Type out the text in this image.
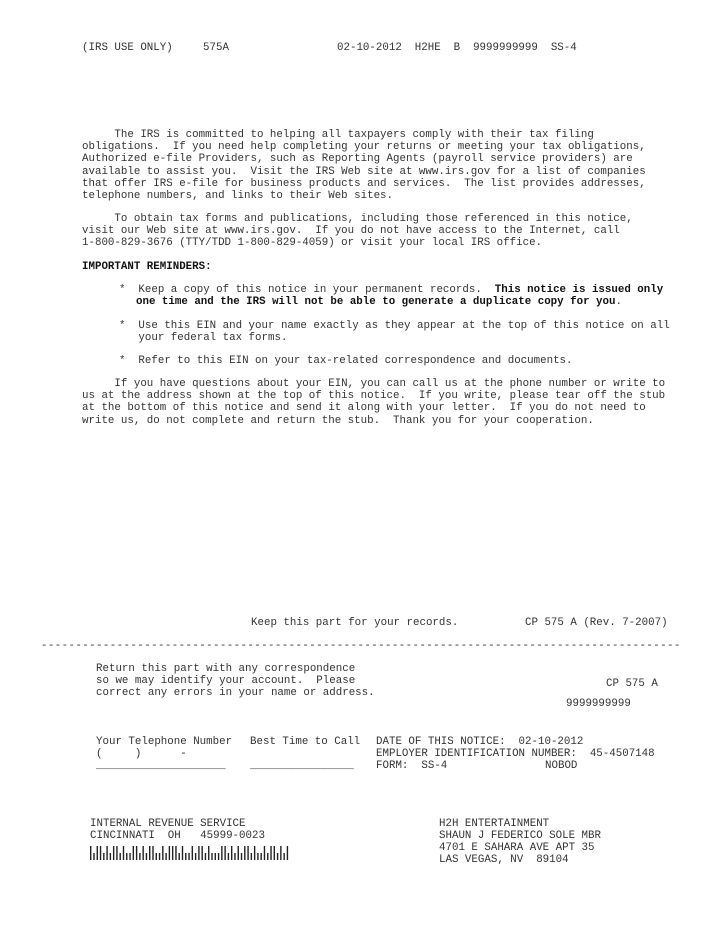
(IRS USE ONLY)	575A	02-10-2012  H2HE  B  9999999999  SS-4
The IRS is committed to helping all taxpayers comply with their tax filing
obligations.  If you need help completing your returns or meeting your tax obligations,
Authorized e-file Providers, such as Reporting Agents (payroll service providers) are
available to assist you.  Visit the IRS Web site at www.irs.gov for a list of companies
that offer IRS e-file for business products and services.  The list provides addresses,
telephone numbers, and links to their Web sites.
To obtain tax forms and publications, including those referenced in this notice,
visit our Web site at www.irs.gov.  If you do not have access to the Internet, call
1-800-829-3676 (TTY/TDD 1-800-829-4059) or visit your local IRS office.
IMPORTANT REMINDERS:
*  Keep a copy of this notice in your permanent records.  This notice is issued only
one time and the IRS will not be able to generate a duplicate copy for you.
*  Use this EIN and your name exactly as they appear at the top of this notice on all
your federal tax forms.
*  Refer to this EIN on your tax-related correspondence and documents.
If you have questions about your EIN, you can call us at the phone number or write to
us at the address shown at the top of this notice.  If you write, please tear off the stub
at the bottom of this notice and send it along with your letter.  If you do not need to
write us, do not complete and return the stub.  Thank you for your cooperation.
Keep this part for your records.	CP 575 A (Rev. 7-2007)
---------------------------------------------------------------------------------------------
Return this part with any correspondence
so we may identify your account.  Please
correct any errors in your name or address.
CP 575 A
9999999999
Your Telephone Number Best Time to Call
(     )      -
____________________ ________________
DATE OF THIS NOTICE:  02-10-2012
EMPLOYER IDENTIFICATION NUMBER:  45-4507148
FORM:  SS-4	NOBOD
INTERNAL REVENUE SERVICE
CINCINNATI  OH   45999-0023
H2H ENTERTAINMENT
SHAUN J FEDERICO SOLE MBR
4701 E SAHARA AVE APT 35
LAS VEGAS, NV  89104
